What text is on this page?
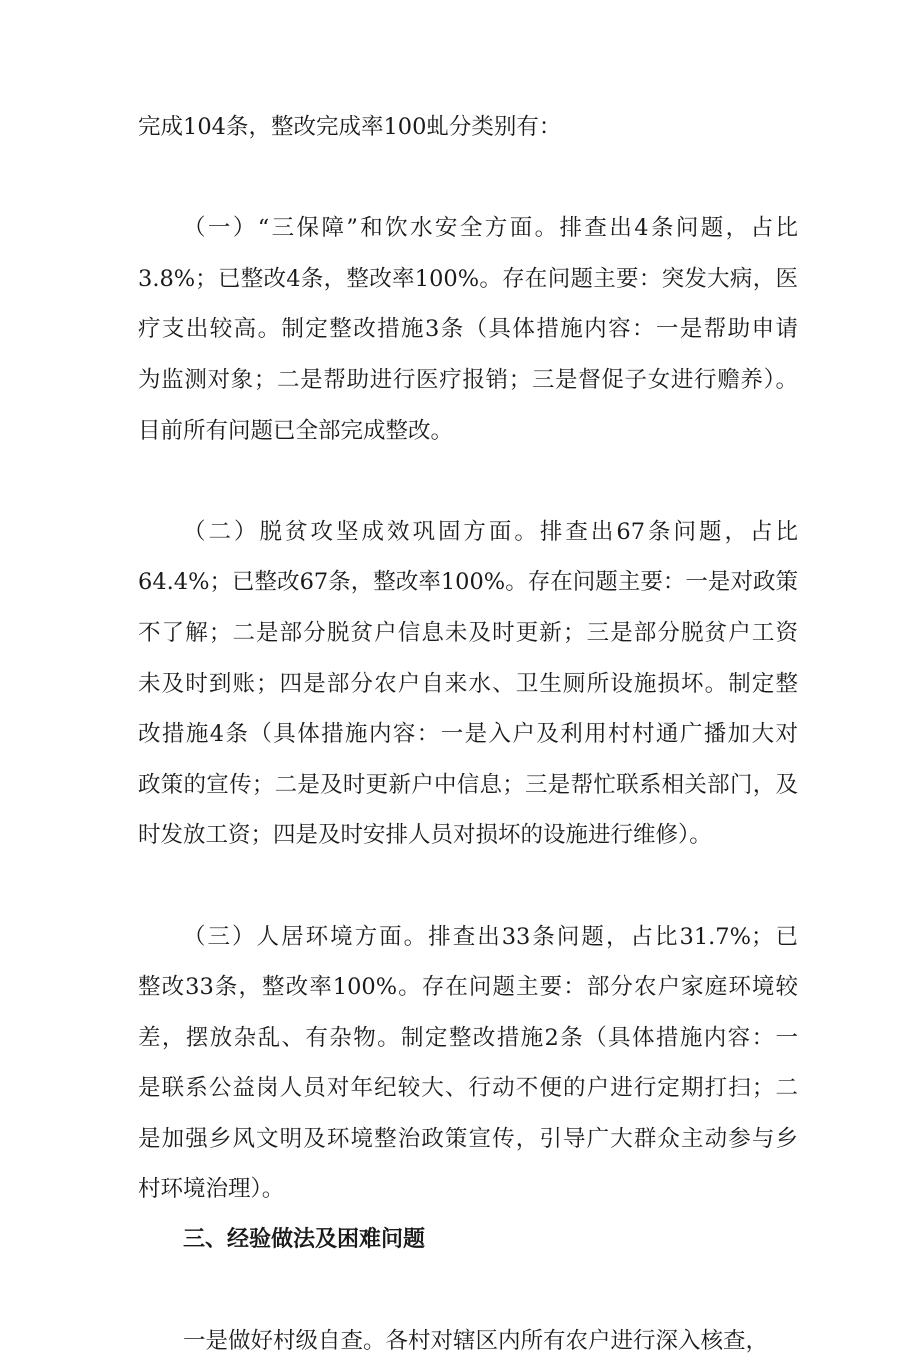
完成104条，整改完成率100虬分类别有：
（一）“三保障”和饮水安全方面。排查出4条问题，占比
3.8%；已整改4条，整改率100%。存在问题主要：突发大病，医
疗支出较高。制定整改措施3条（具体措施内容：一是帮助申请
为监测对象；二是帮助进行医疗报销；三是督促子女进行赡养）。
目前所有问题已全部完成整改。
（二）脱贫攻坚成效巩固方面。排查出67条问题，占比
64.4%；已整改67条，整改率100%。存在问题主要：一是对政策
不了解；二是部分脱贫户信息未及时更新；三是部分脱贫户工资
未及时到账；四是部分农户自来水、卫生厕所设施损坏。制定整
改措施4条（具体措施内容：一是入户及利用村村通广播加大对
政策的宣传；二是及时更新户中信息；三是帮忙联系相关部门，及
时发放工资；四是及时安排人员对损坏的设施进行维修）。
（三）人居环境方面。排查出33条问题，占比31.7%；已
整改33条，整改率100%。存在问题主要：部分农户家庭环境较
差，摆放杂乱、有杂物。制定整改措施2条（具体措施内容：一
是联系公益岗人员对年纪较大、行动不便的户进行定期打扫；二
是加强乡风文明及环境整治政策宣传，引导广大群众主动参与乡
村环境治理）。
三、经验做法及困难问题
一是做好村级自查。各村对辖区内所有农户进行深入核查，
